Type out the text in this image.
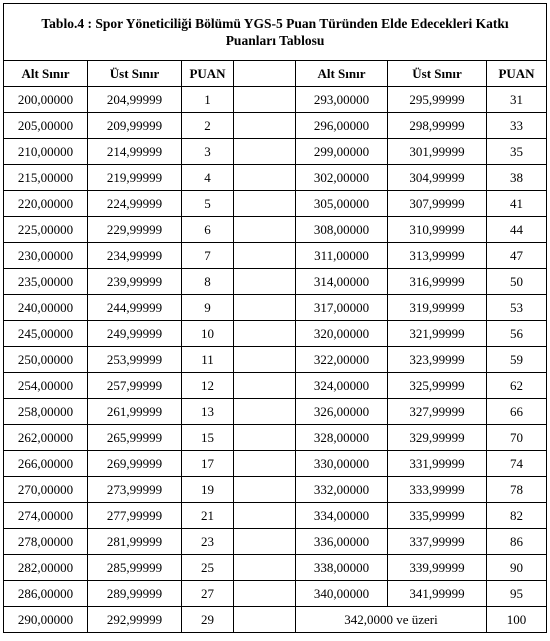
Tablo.4 : Spor Yöneticiliği Bölümü YGS-5 Puan Türünden Elde Edecekleri Katkı Puanları Tablosu						
Alt Sınır	Üst Sınır	PUAN		Alt Sınır	Üst Sınır	PUAN
200,00000	204,99999	1		293,00000	295,99999	31
205,00000	209,99999	2		296,00000	298,99999	33
210,00000	214,99999	3		299,00000	301,99999	35
215,00000	219,99999	4		302,00000	304,99999	38
220,00000	224,99999	5		305,00000	307,99999	41
225,00000	229,99999	6		308,00000	310,99999	44
230,00000	234,99999	7		311,00000	313,99999	47
235,00000	239,99999	8		314,00000	316,99999	50
240,00000	244,99999	9		317,00000	319,99999	53
245,00000	249,99999	10		320,00000	321,99999	56
250,00000	253,99999	11		322,00000	323,99999	59
254,00000	257,99999	12		324,00000	325,99999	62
258,00000	261,99999	13		326,00000	327,99999	66
262,00000	265,99999	15		328,00000	329,99999	70
266,00000	269,99999	17		330,00000	331,99999	74
270,00000	273,99999	19		332,00000	333,99999	78
274,00000	277,99999	21		334,00000	335,99999	82
278,00000	281,99999	23		336,00000	337,99999	86
282,00000	285,99999	25		338,00000	339,99999	90
286,00000	289,99999	27		340,00000	341,99999	95
290,00000	292,99999	29		342,0000 ve üzeri		100
